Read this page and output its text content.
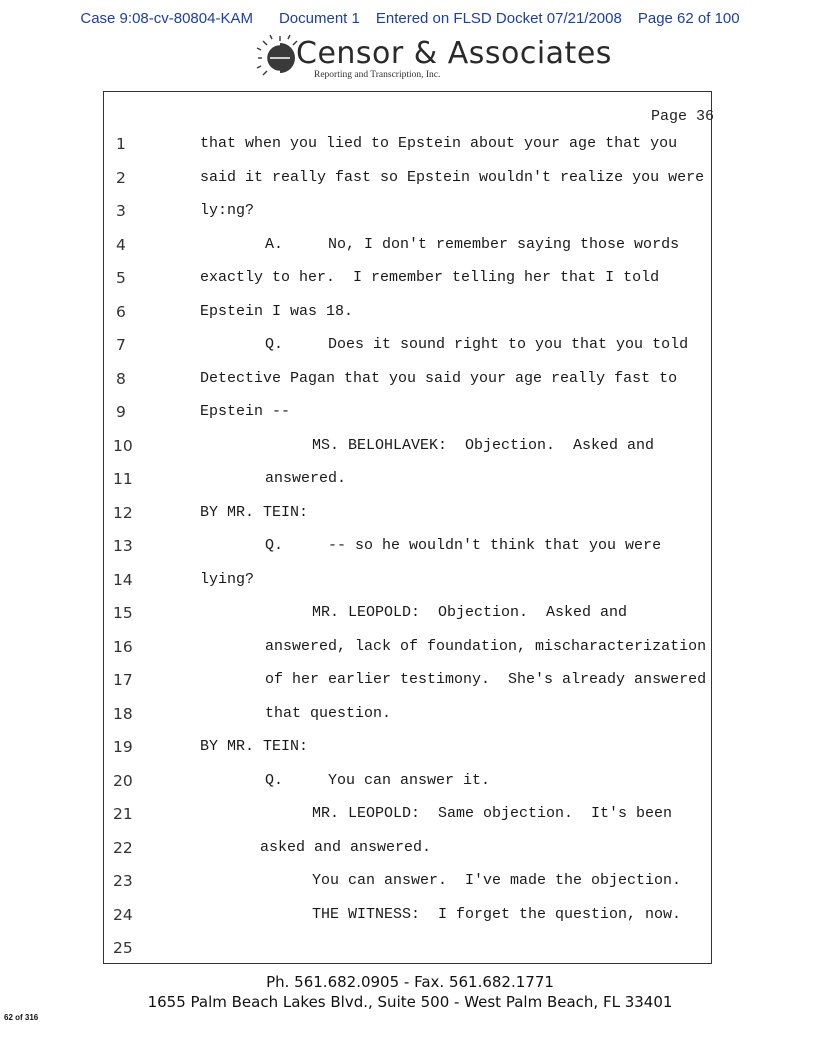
Case 9:08-cv-80804-KAM Document 1 Entered on FLSD Docket 07/21/2008 Page 62 of 100
Censor & Associates
Reporting and Transcription, Inc.
Page 36
1	that when you lied to Epstein about your age that you
2	said it really fast so Epstein wouldn't realize you were
3	ly:ng?
4	A.     No, I don't remember saying those words
5	exactly to her.  I remember telling her that I told
6	Epstein I was 18.
7	Q.     Does it sound right to you that you told
8	Detective Pagan that you said your age really fast to
9	Epstein --
10	MS. BELOHLAVEK:  Objection.  Asked and
11	answered.
12	BY MR. TEIN:
13	Q.     -- so he wouldn't think that you were
14	lying?
15	MR. LEOPOLD:  Objection.  Asked and
16	answered, lack of foundation, mischaracterization
17	of her earlier testimony.  She's already answered
18	that question.
19	BY MR. TEIN:
20	Q.     You can answer it.
21	MR. LEOPOLD:  Same objection.  It's been
22	asked and answered.
23	You can answer.  I've made the objection.
24	THE WITNESS:  I forget the question, now.
25
Ph. 561.682.0905 - Fax. 561.682.1771
1655 Palm Beach Lakes Blvd., Suite 500 - West Palm Beach, FL 33401
62 of 316
